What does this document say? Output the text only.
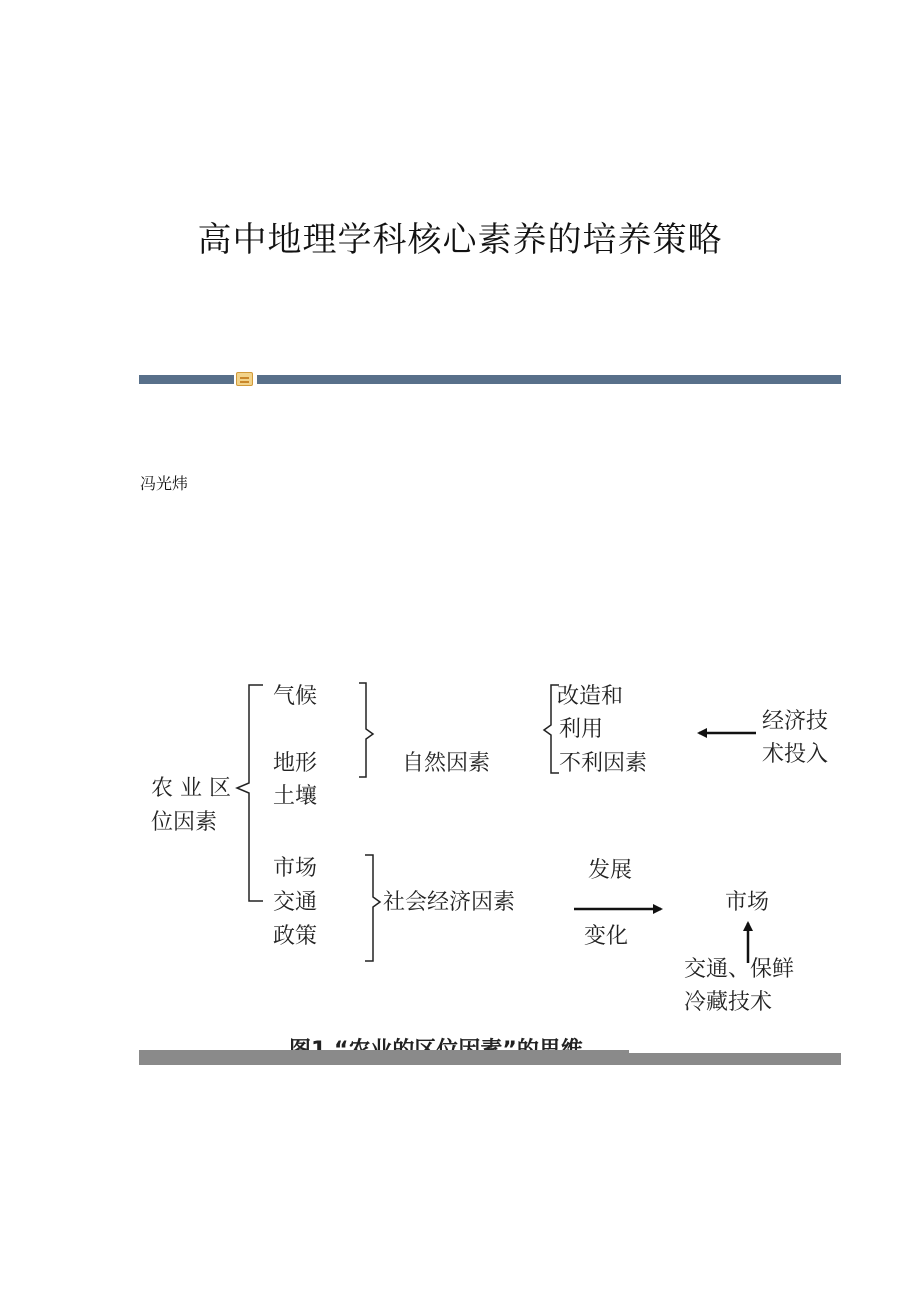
高中地理学科核心素养的培养策略
冯光炜
农 业 区
位因素
气候
地形
土壤
自然因素
改造和
利用
不利因素
经济技
术投入
市场
交通
政策
社会经济因素
发展
变化
市场
交通、保鲜
冷藏技术
